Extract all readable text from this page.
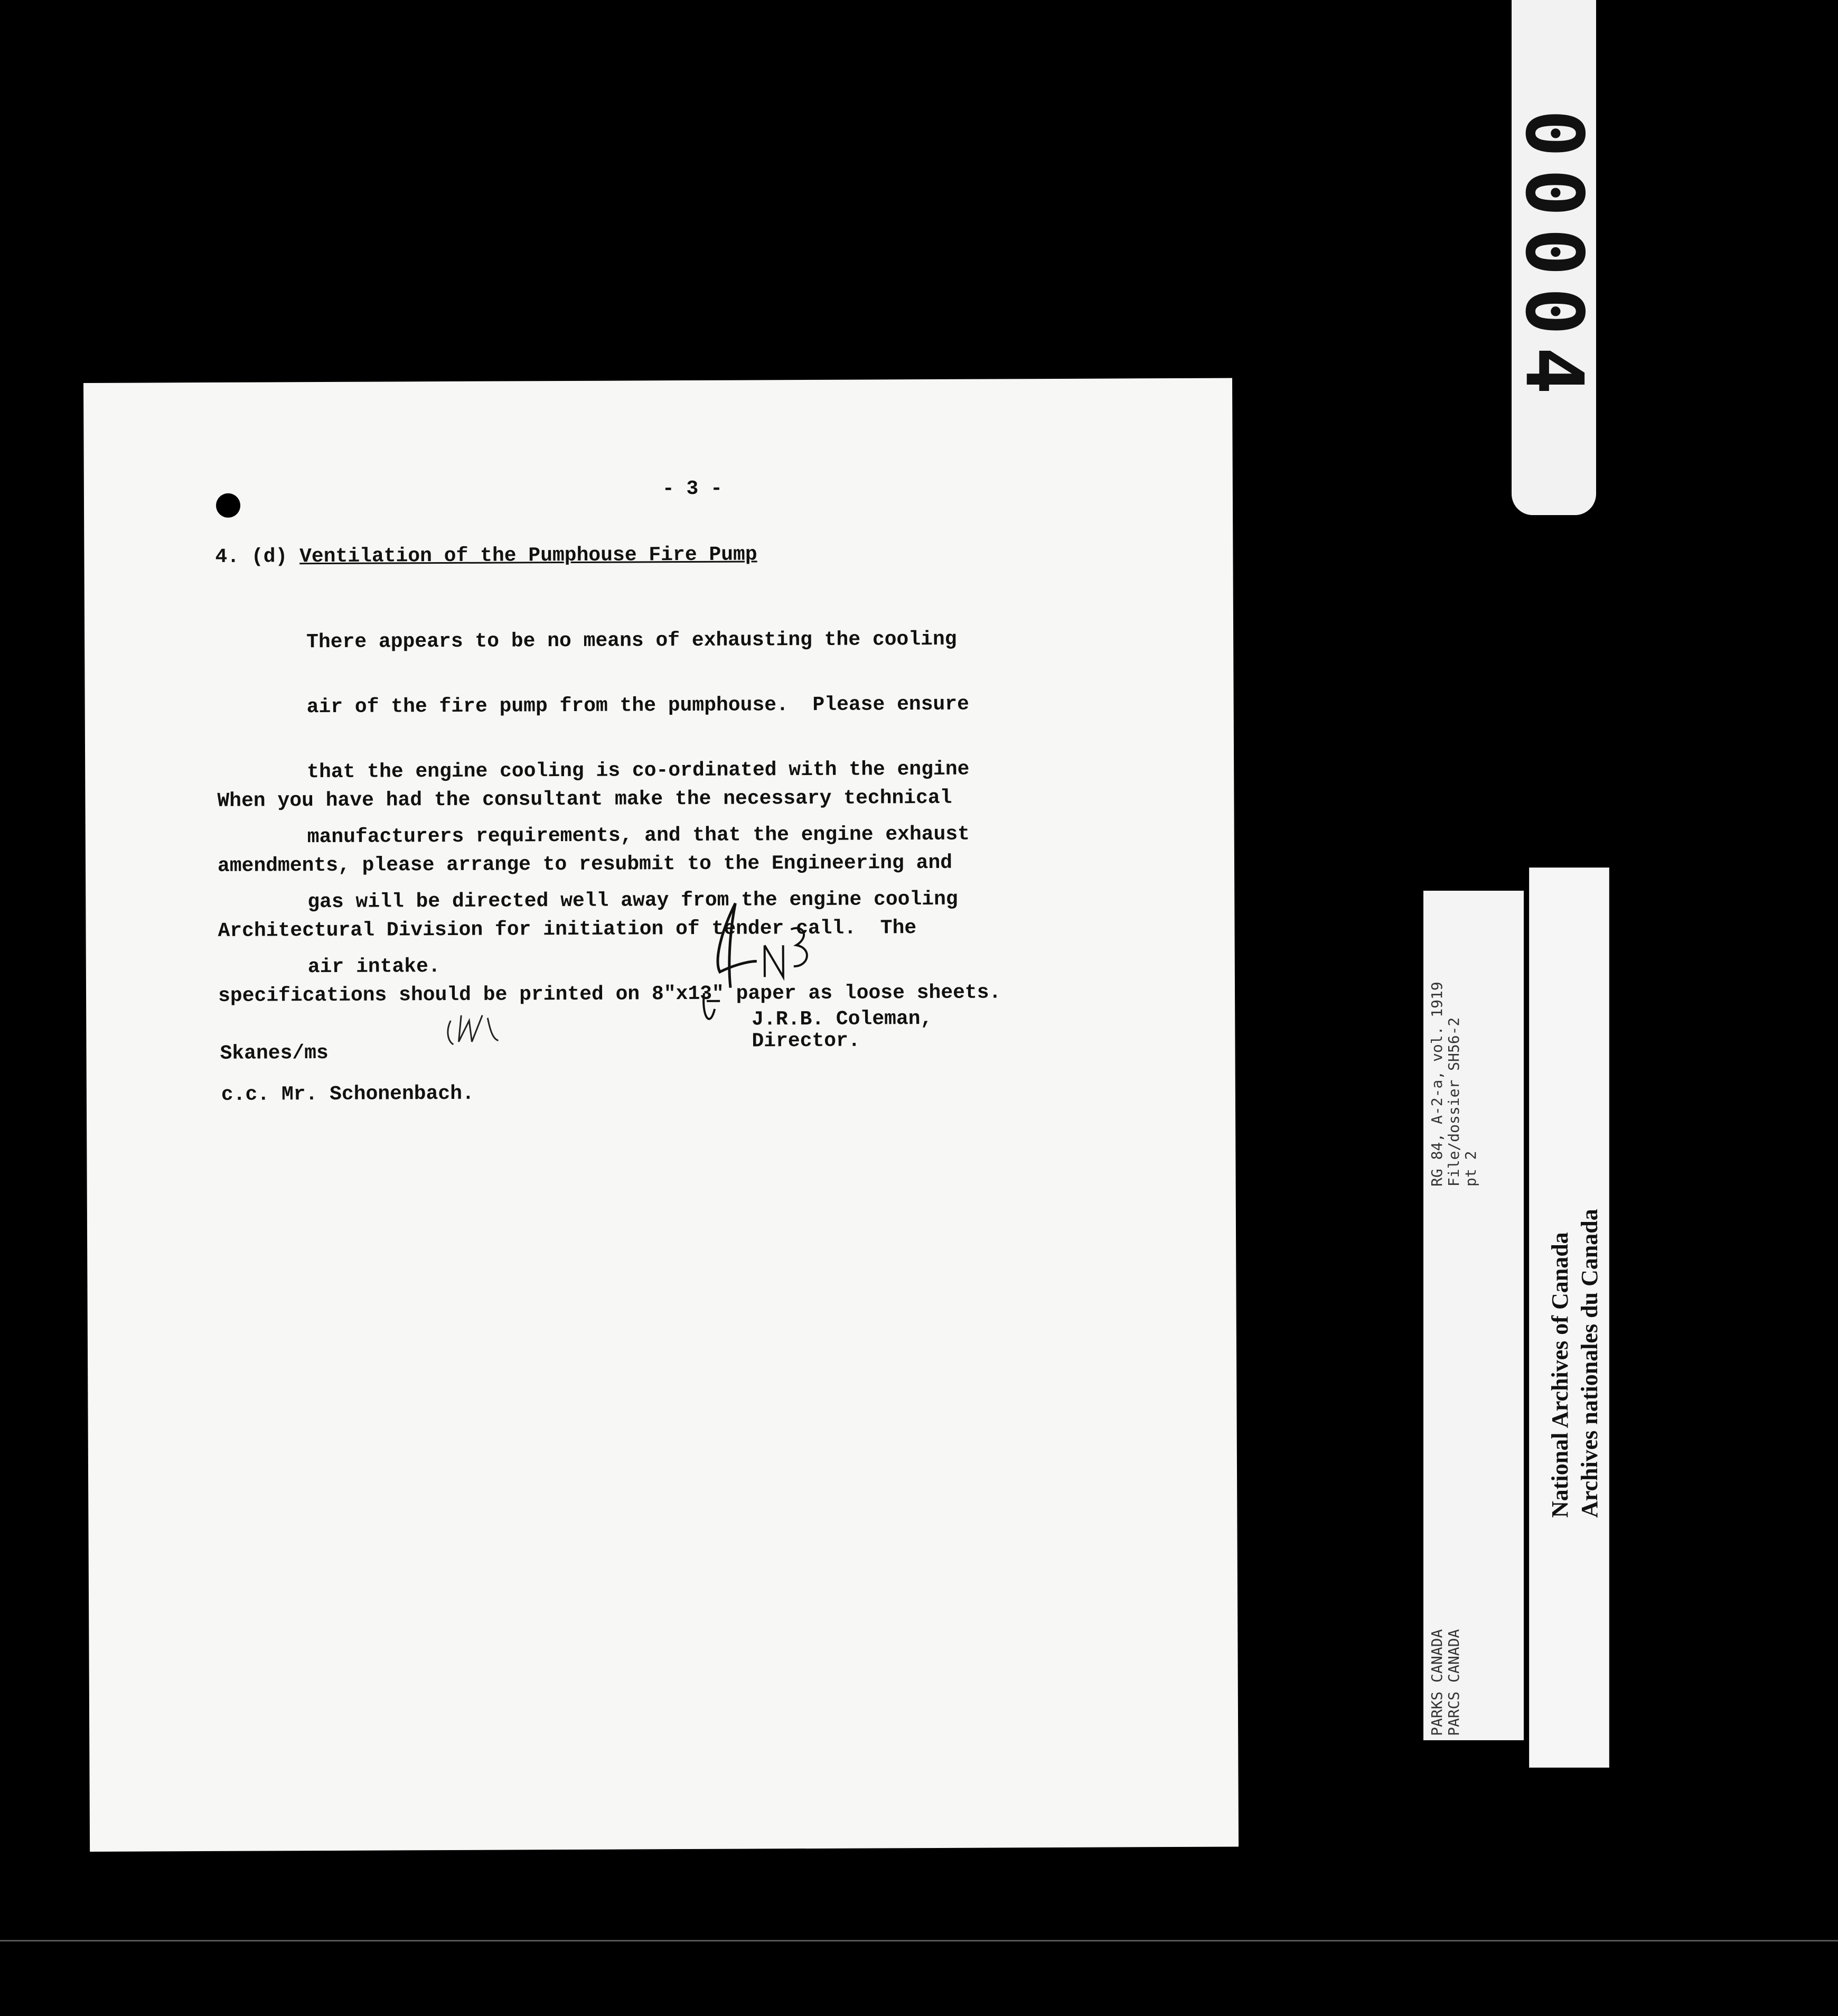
- 3 -

4. (d) Ventilation of the Pumphouse Fire Pump

There appears to be no means of exhausting the cooling

air of the fire pump from the pumphouse.  Please ensure

that the engine cooling is co-ordinated with the engine

manufacturers requirements, and that the engine exhaust

gas will be directed well away from the engine cooling

air intake.

When you have had the consultant make the necessary technical

amendments, please arrange to resubmit to the Engineering and

Architectural Division for initiation of tender call.  The

specifications should be printed on 8"x13" paper as loose sheets.

J.R.B. Coleman,

Director.

Skanes/ms

c.c. Mr. Schonenbach.

00004
PARKS CANADA PARCS CANADA
RG 84, A-2-a, vol. 1919 File/dossier SH56-2 pt 2
National Archives of Canada Archives nationales du Canada
